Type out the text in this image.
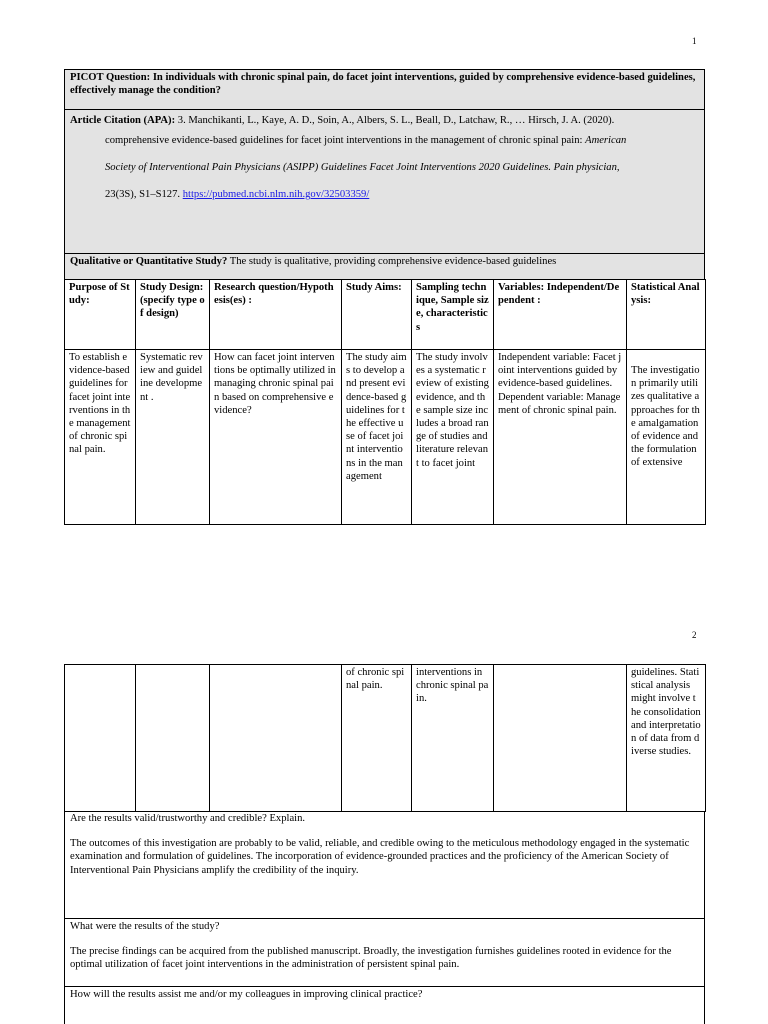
1
PICOT Question: In individuals with chronic spinal pain, do facet joint interventions, guided by comprehensive evidence-based guidelines, effectively manage the condition?
Article Citation (APA): 3. Manchikanti, L., Kaye, A. D., Soin, A., Albers, S. L., Beall, D., Latchaw, R., … Hirsch, J. A. (2020).
comprehensive evidence-based guidelines for facet joint interventions in the management of chronic spinal pain: American
Society of Interventional Pain Physicians (ASIPP) Guidelines Facet Joint Interventions 2020 Guidelines. Pain physician,
23(3S), S1–S127. https://pubmed.ncbi.nlm.nih.gov/32503359/
Qualitative or Quantitative Study? The study is qualitative, providing comprehensive evidence-based guidelines
Purpose of Study:	Study Design: (specify type of design)	Research question/Hypothesis(es) :	Study Aims:	Sampling technique, Sample size, characteristics	Variables: Independent/Dependent :	Statistical Analysis:
To establish evidence-based guidelines for facet joint interventions in the management of chronic spinal pain.	Systematic review and guideline development .	How can facet joint interventions be optimally utilized in managing chronic spinal pain based on comprehensive evidence?	The study aims to develop and present evidence-based guidelines for the effective use of facet joint interventions in the management	The study involves a systematic review of existing evidence, and the sample size includes a broad range of studies and literature relevant to facet joint	Independent variable: Facet joint interventions guided by evidence-based guidelines. Dependent variable: Management of chronic spinal pain.	The investigation primarily utilizes qualitative approaches for the amalgamation of evidence and the formulation of extensive
2
			of chronic spinal pain.	interventions in chronic spinal pain.		guidelines. Statistical analysis might involve the consolidation and interpretation of data from diverse studies.

Are the results valid/trustworthy and credible? Explain.

The outcomes of this investigation are probably to be valid, reliable, and credible owing to the meticulous methodology engaged in the systematic examination and formulation of guidelines. The incorporation of evidence-grounded practices and the proficiency of the American Society of Interventional Pain Physicians amplify the credibility of the inquiry.

What were the results of the study?

The precise findings can be acquired from the published manuscript. Broadly, the investigation furnishes guidelines rooted in evidence for the optimal utilization of facet joint interventions in the administration of persistent spinal pain.

How will the results assist me and/or my colleagues in improving clinical practice?
